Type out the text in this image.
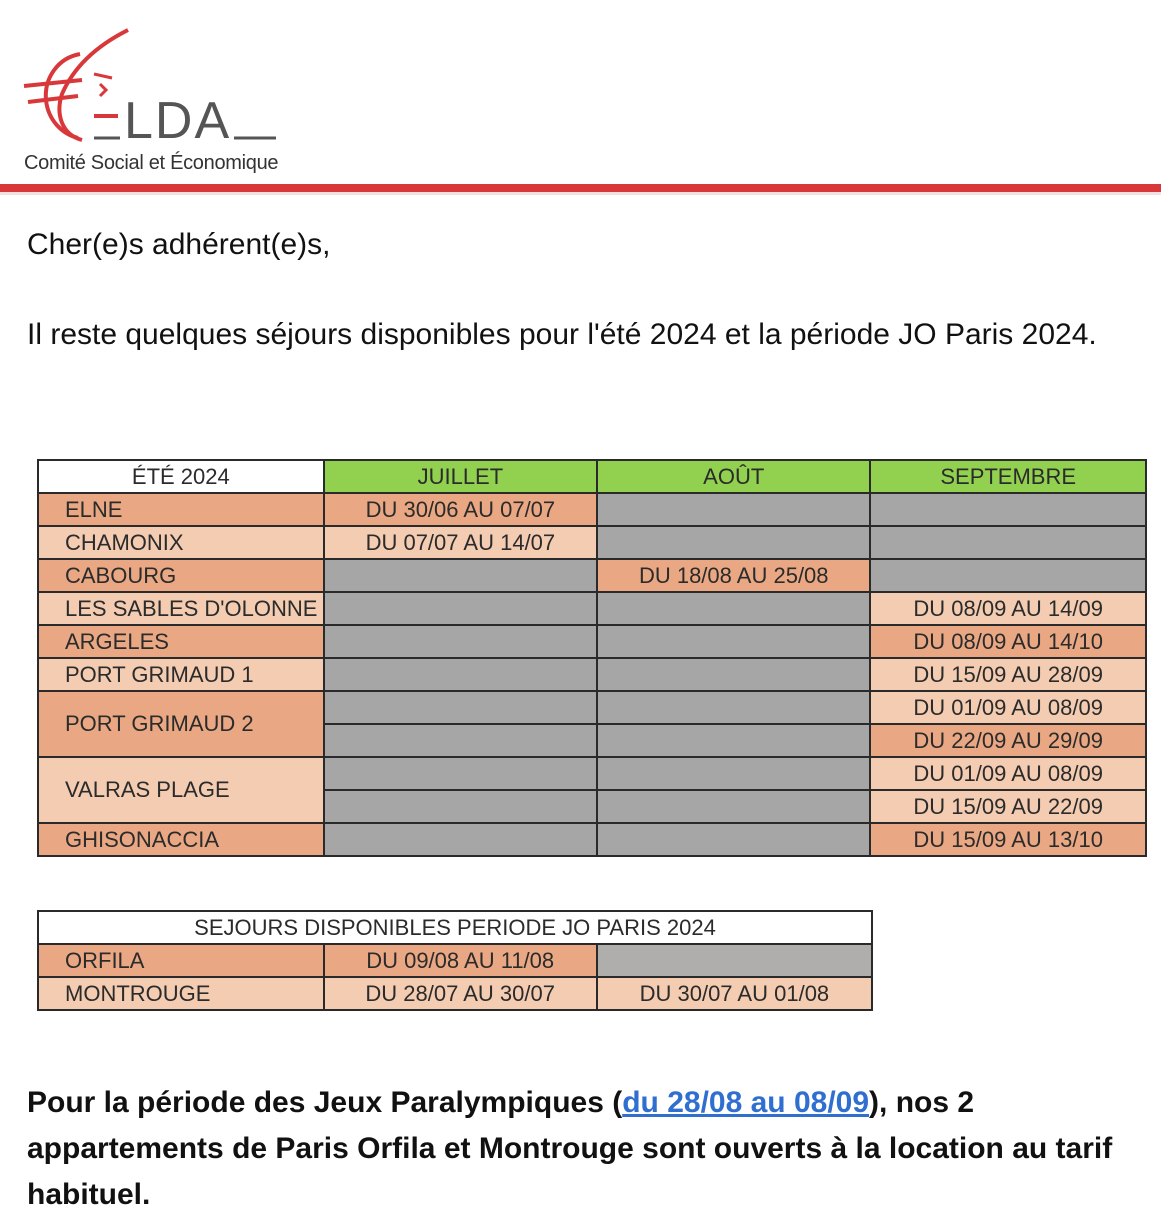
LDA
Comité Social et Économique
Cher(e)s adhérent(e)s,
Il reste quelques séjours disponibles pour l'été 2024 et la période JO Paris 2024.
ÉTÉ 2024	JUILLET	AOÛT	SEPTEMBRE
ELNE	DU 30/06 AU 07/07		
CHAMONIX	DU 07/07 AU 14/07		
CABOURG		DU 18/08 AU 25/08	
LES SABLES D'OLONNE			DU 08/09 AU 14/09
ARGELES			DU 08/09 AU 14/10
PORT GRIMAUD 1			DU 15/09 AU 28/09
PORT GRIMAUD 2			DU 01/09 AU 08/09
			DU 22/09 AU 29/09
VALRAS PLAGE			DU 01/09 AU 08/09
			DU 15/09 AU 22/09
GHISONACCIA			DU 15/09 AU 13/10
SEJOURS DISPONIBLES PERIODE JO PARIS 2024		
ORFILA	DU 09/08 AU 11/08	
MONTROUGE	DU 28/07 AU 30/07	DU 30/07 AU 01/08
Pour la période des Jeux Paralympiques (du 28/08 au 08/09), nos 2 appartements de Paris Orfila et Montrouge sont ouverts à la location au tarif habituel.
